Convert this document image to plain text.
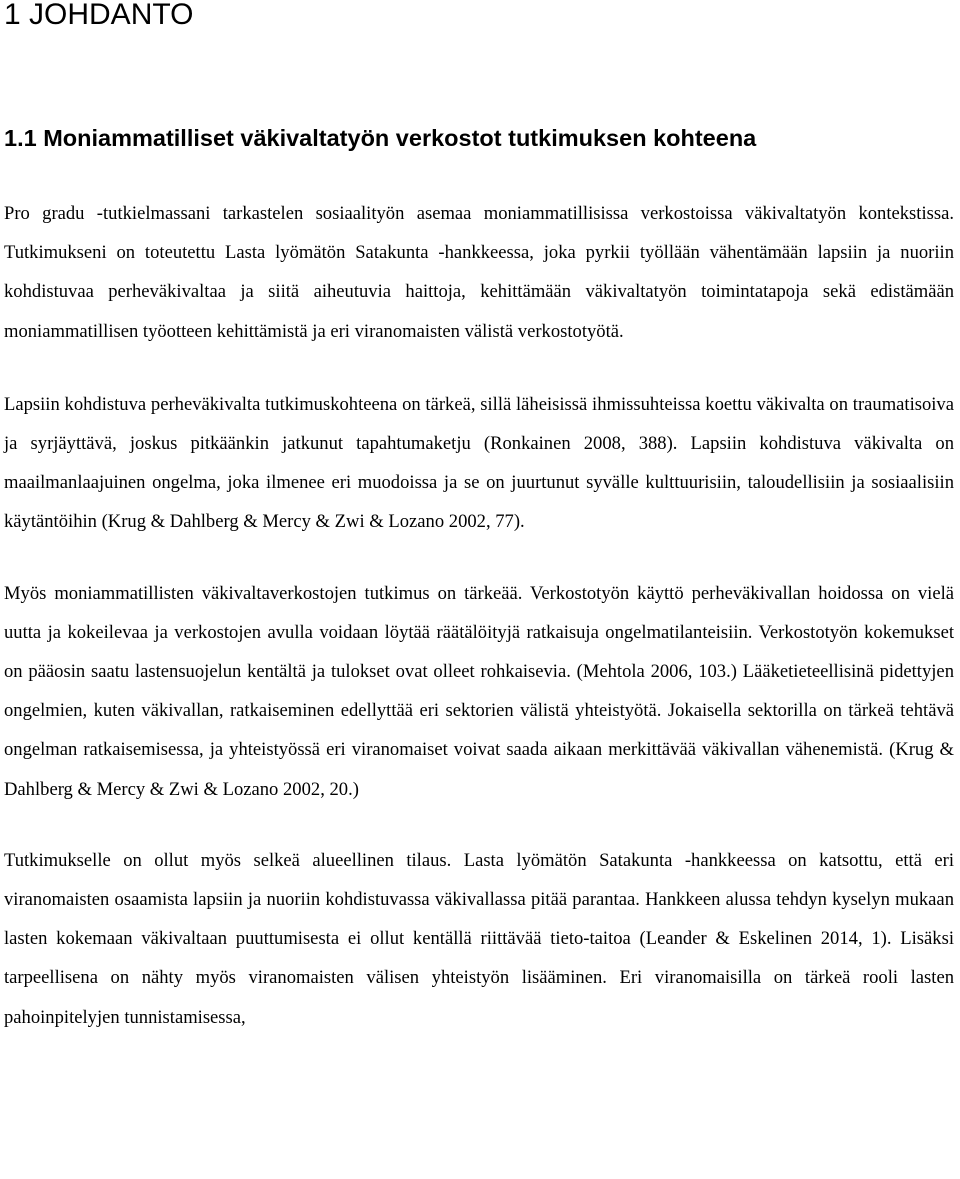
1 JOHDANTO
1.1 Moniammatilliset väkivaltatyön verkostot tutkimuksen kohteena

Pro gradu -tutkielmassani tarkastelen sosiaalityön asemaa moniammatillisissa verkostoissa väkivaltatyön kontekstissa. Tutkimukseni on toteutettu Lasta lyömätön Satakunta -hankkeessa, joka pyrkii työllään vähentämään lapsiin ja nuoriin kohdistuvaa perheväkivaltaa ja siitä aiheutuvia haittoja, kehittämään väkivaltatyön toimintatapoja sekä edistämään moniammatillisen työotteen kehittämistä ja eri viranomaisten välistä verkostotyötä.

Lapsiin kohdistuva perheväkivalta tutkimuskohteena on tärkeä, sillä läheisissä ihmissuhteissa koettu väkivalta on traumatisoiva ja syrjäyttävä, joskus pitkäänkin jatkunut tapahtumaketju (Ronkainen 2008, 388). Lapsiin kohdistuva väkivalta on maailmanlaajuinen ongelma, joka ilmenee eri muodoissa ja se on juurtunut syvälle kulttuurisiin, taloudellisiin ja sosiaalisiin käytäntöihin (Krug & Dahlberg & Mercy & Zwi & Lozano 2002, 77).

Myös moniammatillisten väkivaltaverkostojen tutkimus on tärkeää. Verkostotyön käyttö perheväkivallan hoidossa on vielä uutta ja kokeilevaa ja verkostojen avulla voidaan löytää räätälöityjä ratkaisuja ongelmatilanteisiin. Verkostotyön kokemukset on pääosin saatu lastensuojelun kentältä ja tulokset ovat olleet rohkaisevia. (Mehtola 2006, 103.) Lääketieteellisinä pidettyjen ongelmien, kuten väkivallan, ratkaiseminen edellyttää eri sektorien välistä yhteistyötä. Jokaisella sektorilla on tärkeä tehtävä ongelman ratkaisemisessa, ja yhteistyössä eri viranomaiset voivat saada aikaan merkittävää väkivallan vähenemistä. (Krug & Dahlberg & Mercy & Zwi & Lozano 2002, 20.)

Tutkimukselle on ollut myös selkeä alueellinen tilaus. Lasta lyömätön Satakunta -hankkeessa on katsottu, että eri viranomaisten osaamista lapsiin ja nuoriin kohdistuvassa väkivallassa pitää parantaa. Hankkeen alussa tehdyn kyselyn mukaan lasten kokemaan väkivaltaan puuttumisesta ei ollut kentällä riittävää tieto-taitoa (Leander & Eskelinen 2014, 1). Lisäksi tarpeellisena on nähty myös viranomaisten välisen yhteistyön lisääminen. Eri viranomaisilla on tärkeä rooli lasten pahoinpitelyjen tunnistamisessa,
